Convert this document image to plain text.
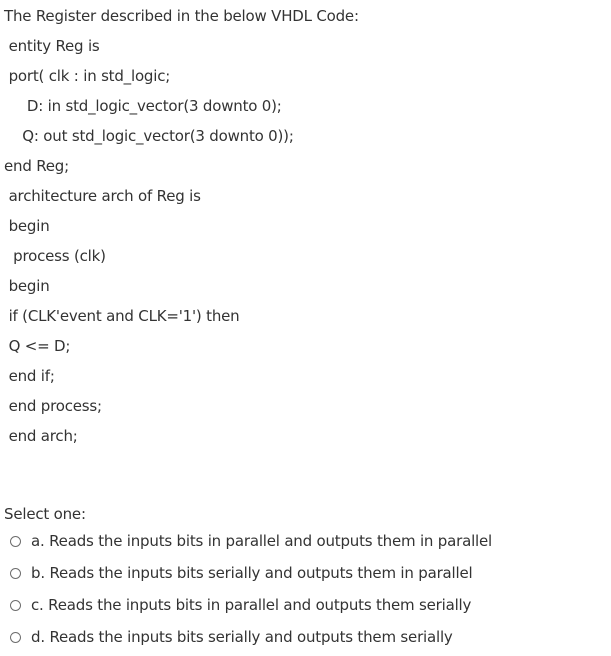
The Register described in the below VHDL Code:
entity Reg is
port( clk : in std_logic;
D: in std_logic_vector(3 downto 0);
Q: out std_logic_vector(3 downto 0));
end Reg;
architecture arch of Reg is
begin
process (clk)
begin
if (CLK'event and CLK='1') then
Q <= D;
end if;
end process;
end arch;
Select one:
a. Reads the inputs bits in parallel and outputs them in parallel
b. Reads the inputs bits serially and outputs them in parallel
c. Reads the inputs bits in parallel and outputs them serially
d. Reads the inputs bits serially and outputs them serially
